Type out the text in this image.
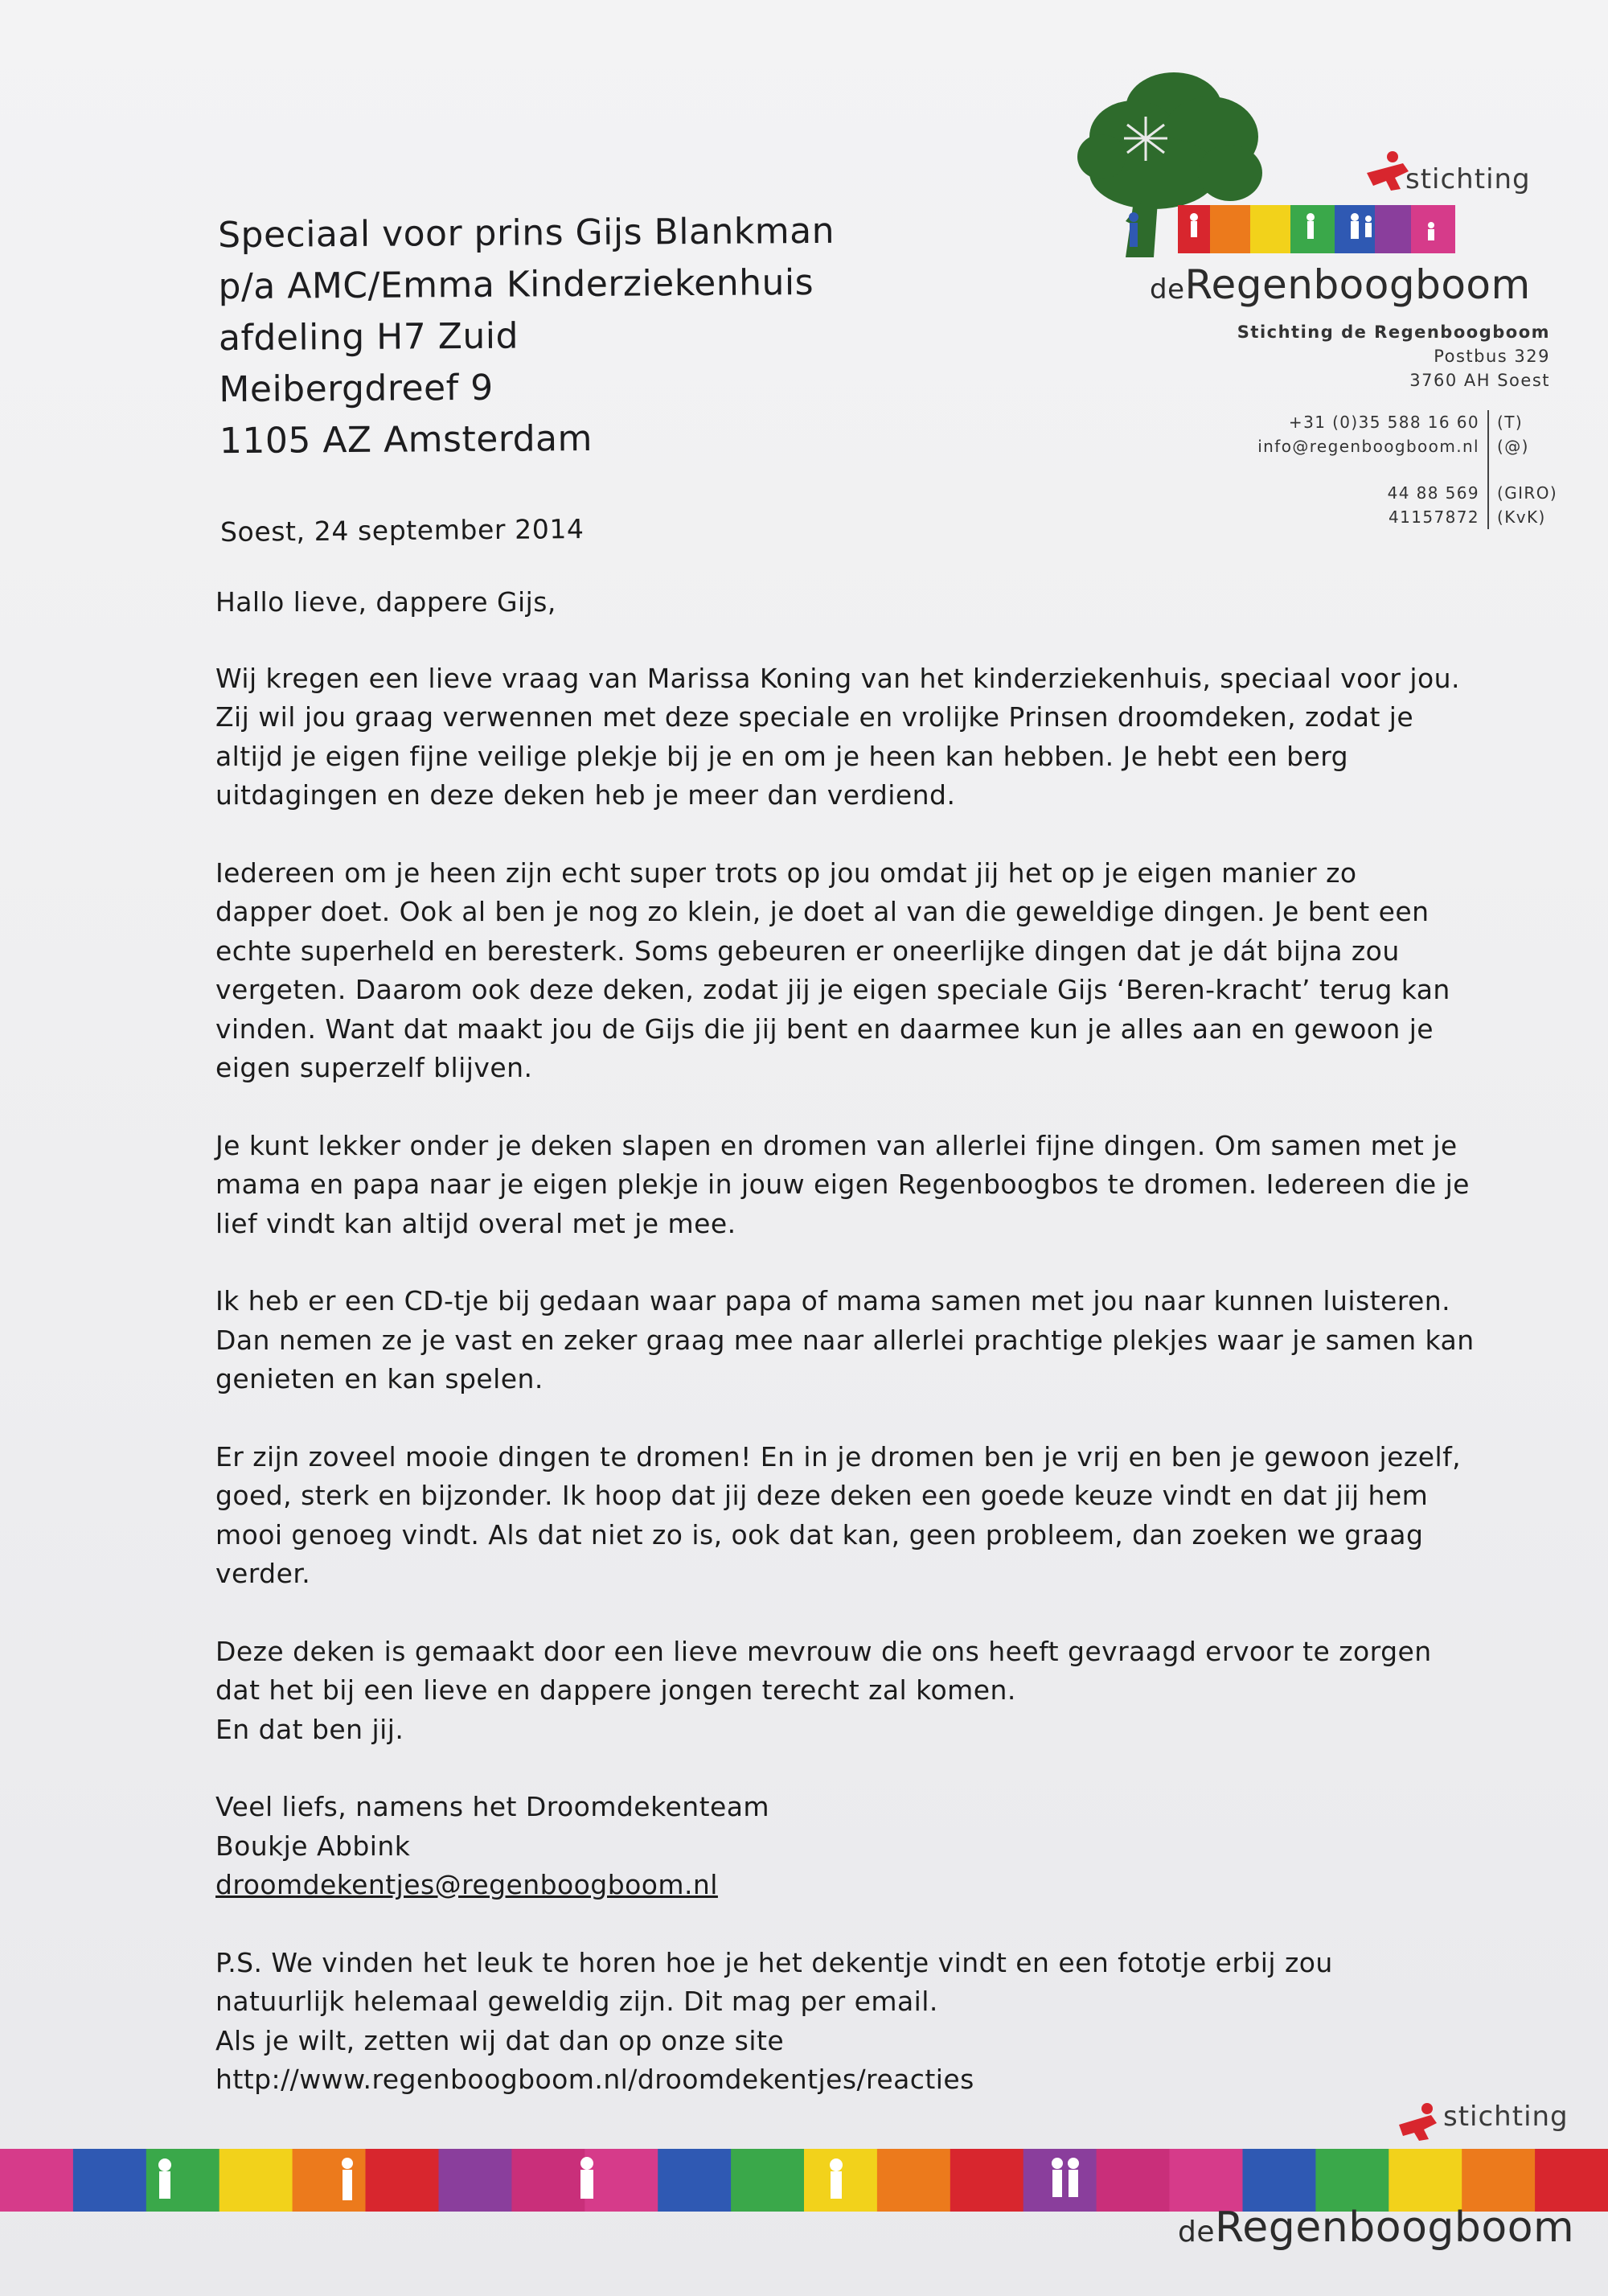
Speciaal voor prins Gijs Blankman
p/a AMC/Emma Kinderziekenhuis
afdeling H7 Zuid
Meibergdreef 9
1105 AZ Amsterdam
stichting
deRegenboogboom
Stichting de Regenboogboom
Postbus 329
3760 AH Soest
+31 (0)35 588 16 60	(T)
info@regenboogboom.nl	(@)
44 88 569	(GIRO)
41157872	(KvK)
Soest, 24 september 2014

Hallo lieve, dappere Gijs,

Wij kregen een lieve vraag van Marissa Koning van het kinderziekenhuis, speciaal voor jou.
Zij wil jou graag verwennen met deze speciale en vrolijke Prinsen droomdeken, zodat je
altijd je eigen fijne veilige plekje bij je en om je heen kan hebben. Je hebt een berg
uitdagingen en deze deken heb je meer dan verdiend.

Iedereen om je heen zijn echt super trots op jou omdat jij het op je eigen manier zo
dapper doet. Ook al ben je nog zo klein, je doet al van die geweldige dingen. Je bent een
echte superheld en beresterk. Soms gebeuren er oneerlijke dingen dat je dát bijna zou
vergeten. Daarom ook deze deken, zodat jij je eigen speciale Gijs ‘Beren-kracht’ terug kan
vinden. Want dat maakt jou de Gijs die jij bent en daarmee kun je alles aan en gewoon je
eigen superzelf blijven.

Je kunt lekker onder je deken slapen en dromen van allerlei fijne dingen. Om samen met je
mama en papa naar je eigen plekje in jouw eigen Regenboogbos te dromen. Iedereen die je
lief vindt kan altijd overal met je mee.

Ik heb er een CD-tje bij gedaan waar papa of mama samen met jou naar kunnen luisteren.
Dan nemen ze je vast en zeker graag mee naar allerlei prachtige plekjes waar je samen kan
genieten en kan spelen.

Er zijn zoveel mooie dingen te dromen! En in je dromen ben je vrij en ben je gewoon jezelf,
goed, sterk en bijzonder. Ik hoop dat jij deze deken een goede keuze vindt en dat jij hem
mooi genoeg vindt. Als dat niet zo is, ook dat kan, geen probleem, dan zoeken we graag
verder.

Deze deken is gemaakt door een lieve mevrouw die ons heeft gevraagd ervoor te zorgen
dat het bij een lieve en dappere jongen terecht zal komen.
En dat ben jij.

Veel liefs, namens het Droomdekenteam
Boukje Abbink
droomdekentjes@regenboogboom.nl

P.S. We vinden het leuk te horen hoe je het dekentje vindt en een fototje erbij zou
natuurlijk helemaal geweldig zijn. Dit mag per email.
Als je wilt, zetten wij dat dan op onze site
http://www.regenboogboom.nl/droomdekentjes/reacties

stichting
deRegenboogboom
